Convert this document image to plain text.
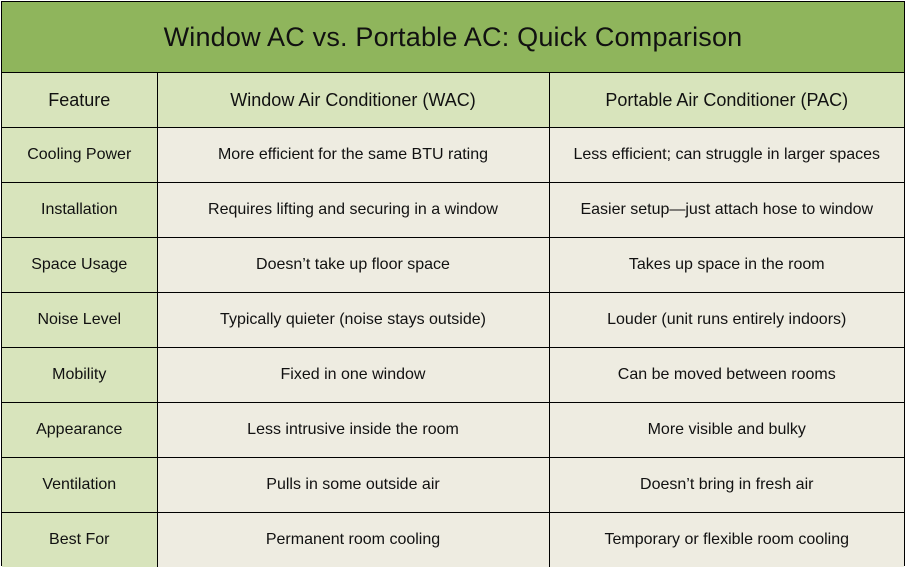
Window AC vs. Portable AC: Quick Comparison
Feature	Window Air Conditioner (WAC)	Portable Air Conditioner (PAC)
Cooling Power	More efficient for the same BTU rating	Less efficient; can struggle in larger spaces
Installation	Requires lifting and securing in a window	Easier setup—just attach hose to window
Space Usage	Doesn’t take up floor space	Takes up space in the room
Noise Level	Typically quieter (noise stays outside)	Louder (unit runs entirely indoors)
Mobility	Fixed in one window	Can be moved between rooms
Appearance	Less intrusive inside the room	More visible and bulky
Ventilation	Pulls in some outside air	Doesn’t bring in fresh air
Best For	Permanent room cooling	Temporary or flexible room cooling
